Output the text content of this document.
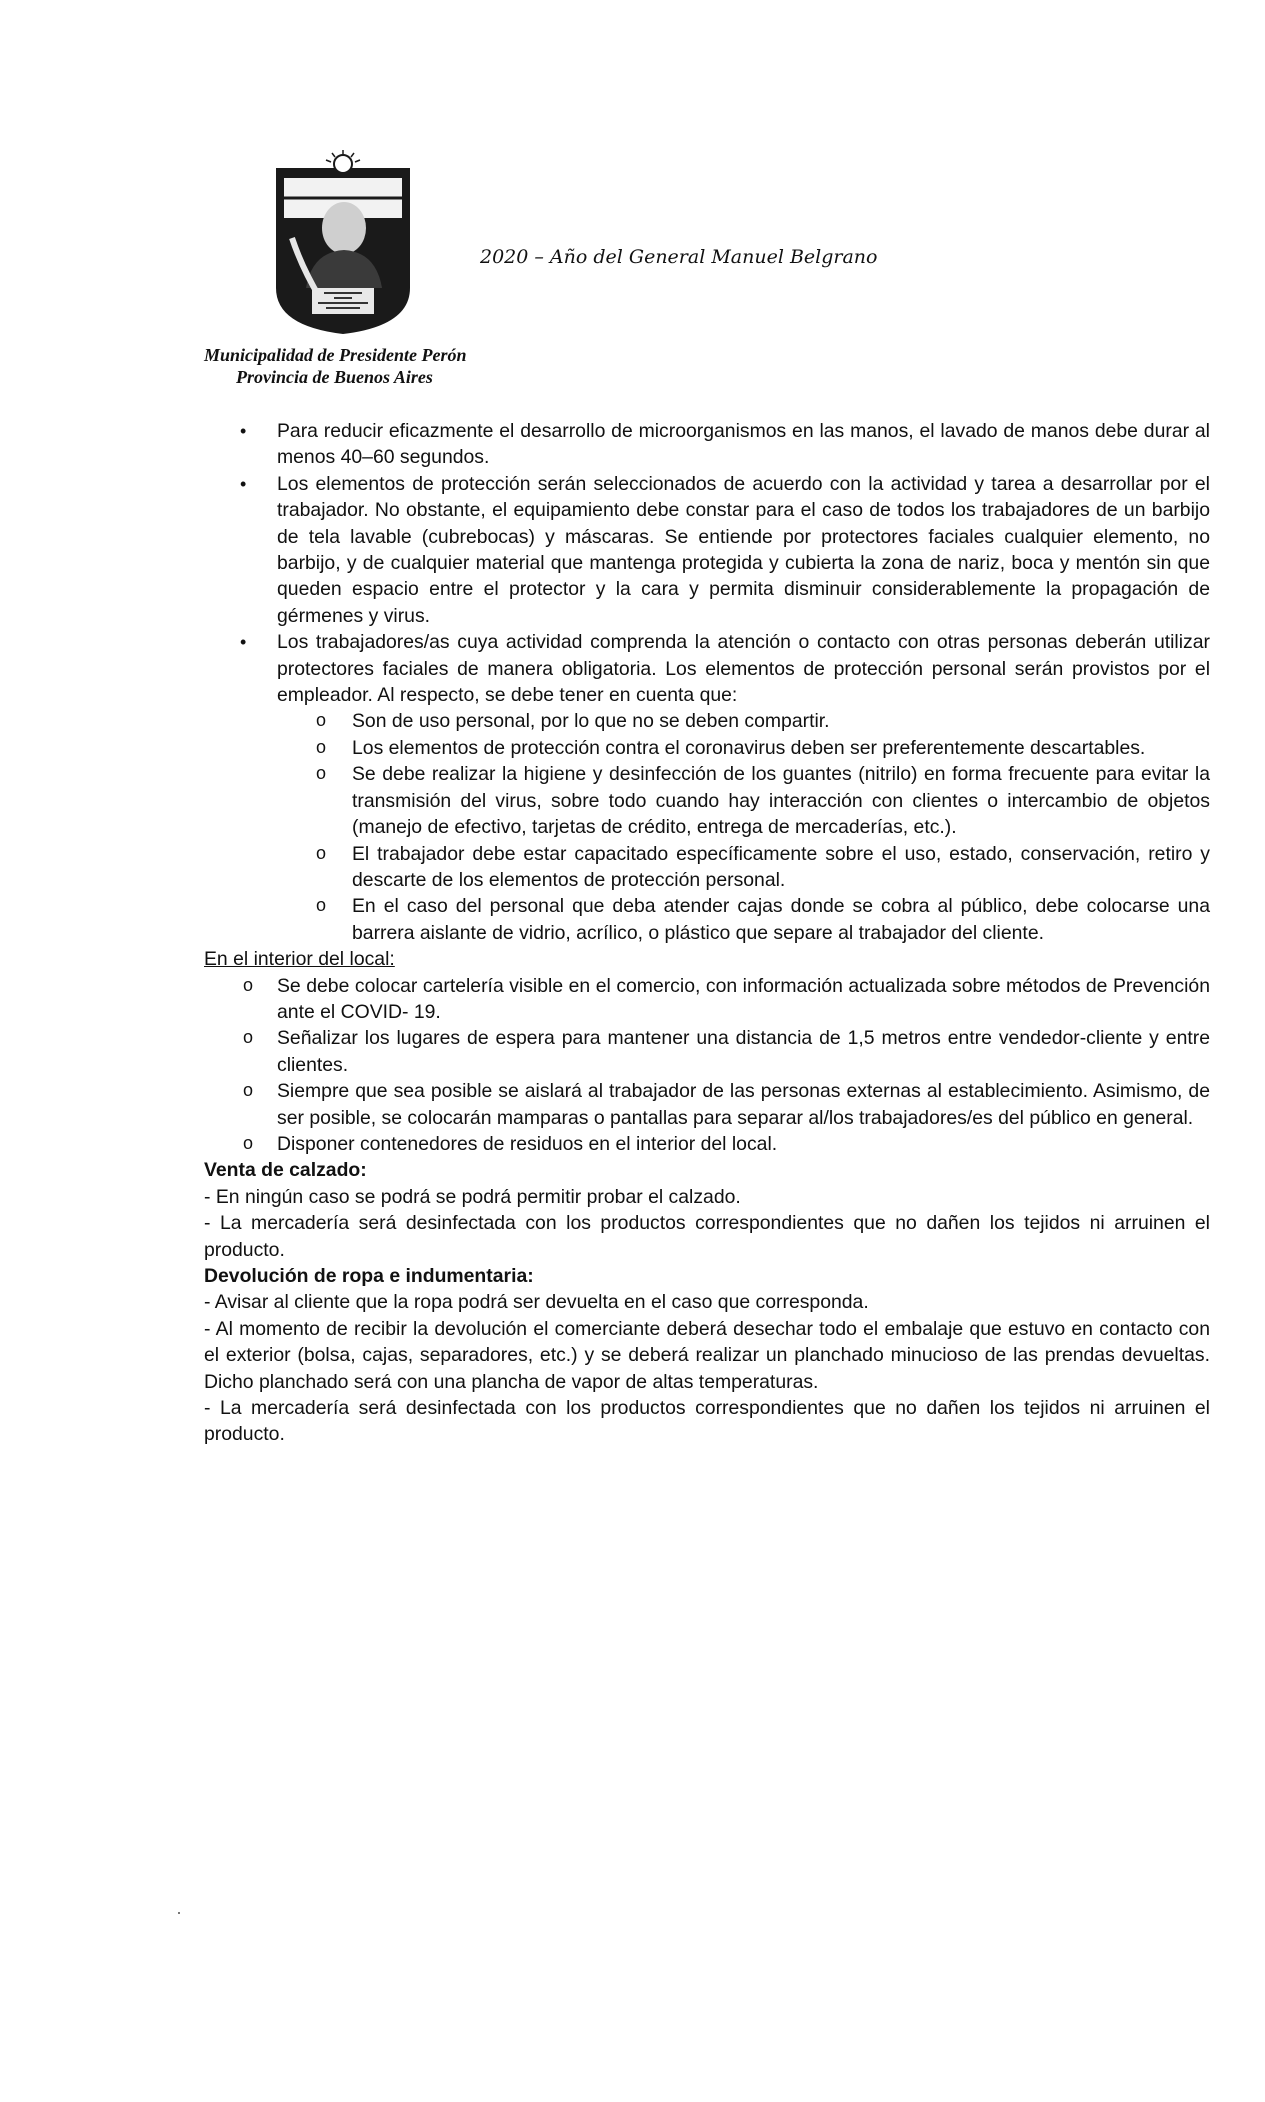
2020 – Año del General Manuel Belgrano
Municipalidad de Presidente Perón
Provincia de Buenos Aires
• Para reducir eficazmente el desarrollo de microorganismos en las manos, el lavado de manos debe durar al menos 40–60 segundos.
• Los elementos de protección serán seleccionados de acuerdo con la actividad y tarea a desarrollar por el trabajador. No obstante, el equipamiento debe constar para el caso de todos los trabajadores de un barbijo de tela lavable (cubrebocas) y máscaras. Se entiende por protectores faciales cualquier elemento, no barbijo, y de cualquier material que mantenga protegida y cubierta la zona de nariz, boca y mentón sin que queden espacio entre el protector y la cara y permita disminuir considerablemente la propagación de gérmenes y virus.
• Los trabajadores/as cuya actividad comprenda la atención o contacto con otras personas deberán utilizar protectores faciales de manera obligatoria. Los elementos de protección personal serán provistos por el empleador. Al respecto, se debe tener en cuenta que:
o Son de uso personal, por lo que no se deben compartir.
o Los elementos de protección contra el coronavirus deben ser preferentemente descartables.
o Se debe realizar la higiene y desinfección de los guantes (nitrilo) en forma frecuente para evitar la transmisión del virus, sobre todo cuando hay interacción con clientes o intercambio de objetos (manejo de efectivo, tarjetas de crédito, entrega de mercaderías, etc.).
o El trabajador debe estar capacitado específicamente sobre el uso, estado, conservación, retiro y descarte de los elementos de protección personal.
o En el caso del personal que deba atender cajas donde se cobra al público, debe colocarse una barrera aislante de vidrio, acrílico, o plástico que separe al trabajador del cliente.
En el interior del local:
o Se debe colocar cartelería visible en el comercio, con información actualizada sobre métodos de Prevención ante el COVID- 19.
o Señalizar los lugares de espera para mantener una distancia de 1,5 metros entre vendedor-cliente y entre clientes.
o Siempre que sea posible se aislará al trabajador de las personas externas al establecimiento. Asimismo, de ser posible, se colocarán mamparas o pantallas para separar al/los trabajadores/es del público en general.
o Disponer contenedores de residuos en el interior del local.
Venta de calzado:

- En ningún caso se podrá se podrá permitir probar el calzado.

- La mercadería será desinfectada con los productos correspondientes que no dañen los tejidos ni arruinen el producto.

Devolución de ropa e indumentaria:

- Avisar al cliente que la ropa podrá ser devuelta en el caso que corresponda.

- Al momento de recibir la devolución el comerciante deberá desechar todo el embalaje que estuvo en contacto con el exterior (bolsa, cajas, separadores, etc.) y se deberá realizar un planchado minucioso de las prendas devueltas. Dicho planchado será con una plancha de vapor de altas temperaturas.

- La mercadería será desinfectada con los productos correspondientes que no dañen los tejidos ni arruinen el producto.
